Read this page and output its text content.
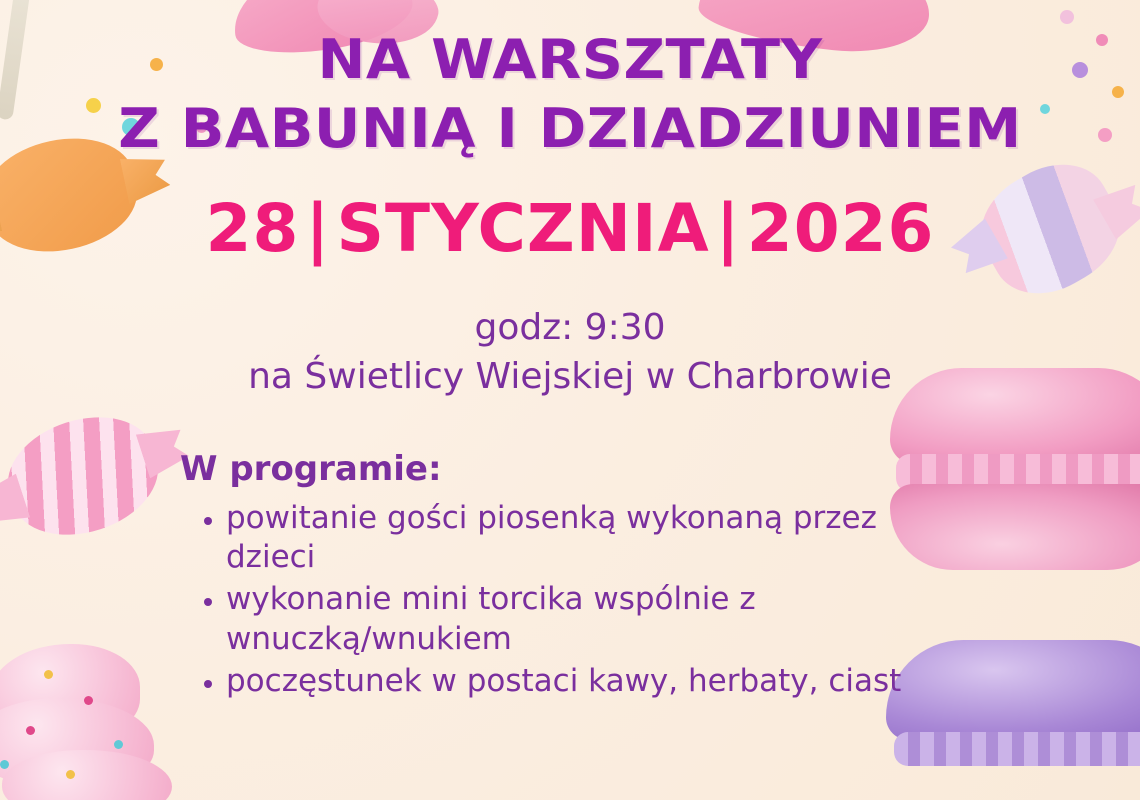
NA WARSZTATY
Z BABUNIĄ I DZIADZIUNIEM
28|STYCZNIA|2026
godz: 9:30
na Świetlicy Wiejskiej w Charbrowie
W programie:
• powitanie gości piosenką wykonaną przez dzieci
• wykonanie mini torcika wspólnie z wnuczką/wnukiem
• poczęstunek w postaci kawy, herbaty, ciast
